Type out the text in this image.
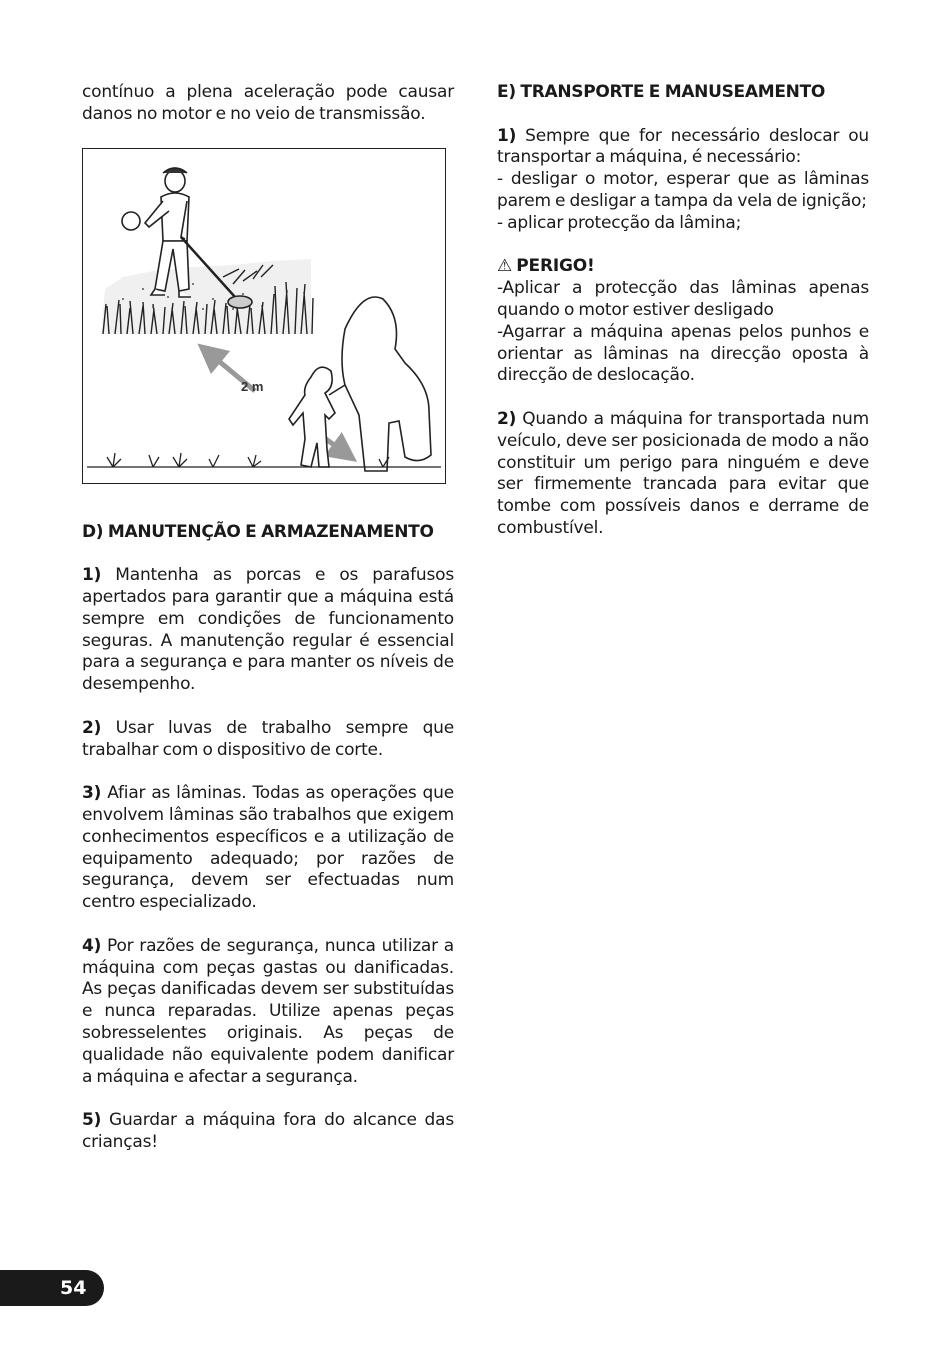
contínuo a plena aceleração pode causar danos no motor e no veio de transmissão.

2 m
D) MANUTENÇÃO E ARMAZENAMENTO

1) Mantenha as porcas e os parafusos apertados para garantir que a máquina está sempre em condições de funcionamento seguras. A manutenção regular é essencial para a segurança e para manter os níveis de desempenho.

2) Usar luvas de trabalho sempre que trabalhar com o dispositivo de corte.

3) Afiar as lâminas. Todas as operações que envolvem lâminas são trabalhos que exigem conhecimentos específicos e a utilização de equipamento adequado; por razões de segurança, devem ser efectuadas num centro especializado.

4) Por razões de segurança, nunca utilizar a máquina com peças gastas ou danificadas. As peças danificadas devem ser substituídas e nunca reparadas. Utilize apenas peças sobresselentes originais. As peças de qualidade não equivalente podem danificar a máquina e afectar a segurança.

5) Guardar a máquina fora do alcance das crianças!

E) TRANSPORTE E MANUSEAMENTO

1) Sempre que for necessário deslocar ou transportar a máquina, é necessário:

- desligar o motor, esperar que as lâminas parem e desligar a tampa da vela de ignição;

- aplicar protecção da lâmina;

⚠ PERIGO!

-Aplicar a protecção das lâminas apenas quando o motor estiver desligado

-Agarrar a máquina apenas pelos punhos e orientar as lâminas na direcção oposta à direcção de deslocação.

2) Quando a máquina for transportada num veículo, deve ser posicionada de modo a não constituir um perigo para ninguém e deve ser firmemente trancada para evitar que tombe com possíveis danos e derrame de combustível.

54
